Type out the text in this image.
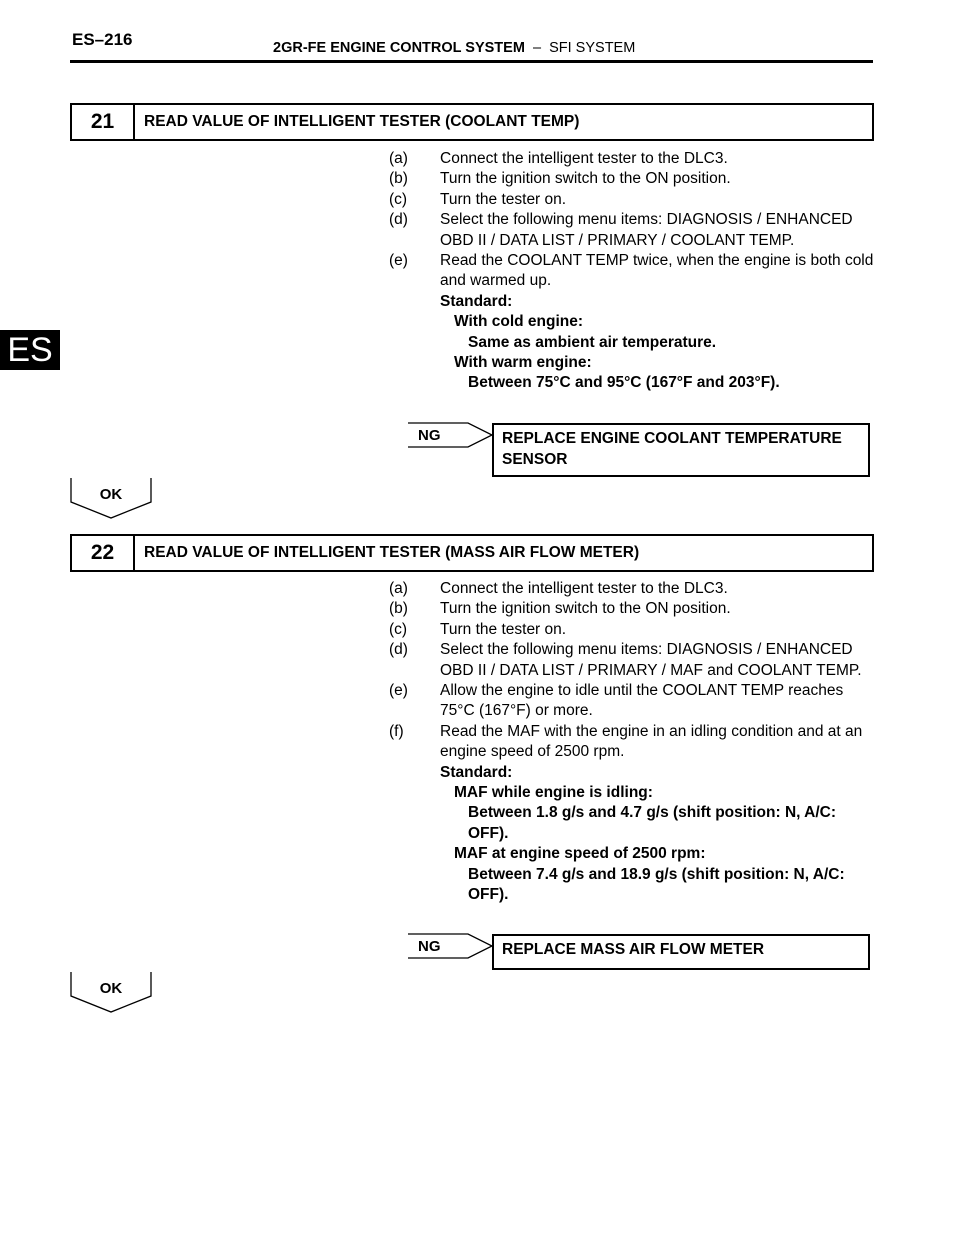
ES–216	2GR-FE ENGINE CONTROL SYSTEM  –  SFI SYSTEM
ES
21	READ VALUE OF INTELLIGENT TESTER (COOLANT TEMP)
(a)	Connect the intelligent tester to the DLC3.
(b)	Turn the ignition switch to the ON position.
(c)	Turn the tester on.
(d)	Select the following menu items: DIAGNOSIS / ENHANCED OBD II / DATA LIST / PRIMARY / COOLANT TEMP.
(e)	Read the COOLANT TEMP twice, when the engine is both cold and warmed up.
Standard:
With cold engine:
Same as ambient air temperature.
With warm engine:
Between 75°C and 95°C (167°F and 203°F).
NG	REPLACE ENGINE COOLANT TEMPERATURE SENSOR
OK
22	READ VALUE OF INTELLIGENT TESTER (MASS AIR FLOW METER)
(a)	Connect the intelligent tester to the DLC3.
(b)	Turn the ignition switch to the ON position.
(c)	Turn the tester on.
(d)	Select the following menu items: DIAGNOSIS / ENHANCED OBD II / DATA LIST / PRIMARY / MAF and COOLANT TEMP.
(e)	Allow the engine to idle until the COOLANT TEMP reaches 75°C (167°F) or more.
(f)	Read the MAF with the engine in an idling condition and at an engine speed of 2500 rpm.
Standard:
MAF while engine is idling:
Between 1.8 g/s and 4.7 g/s (shift position: N, A/C: OFF).
MAF at engine speed of 2500 rpm:
Between 7.4 g/s and 18.9 g/s (shift position: N, A/C: OFF).
NG	REPLACE MASS AIR FLOW METER
OK
